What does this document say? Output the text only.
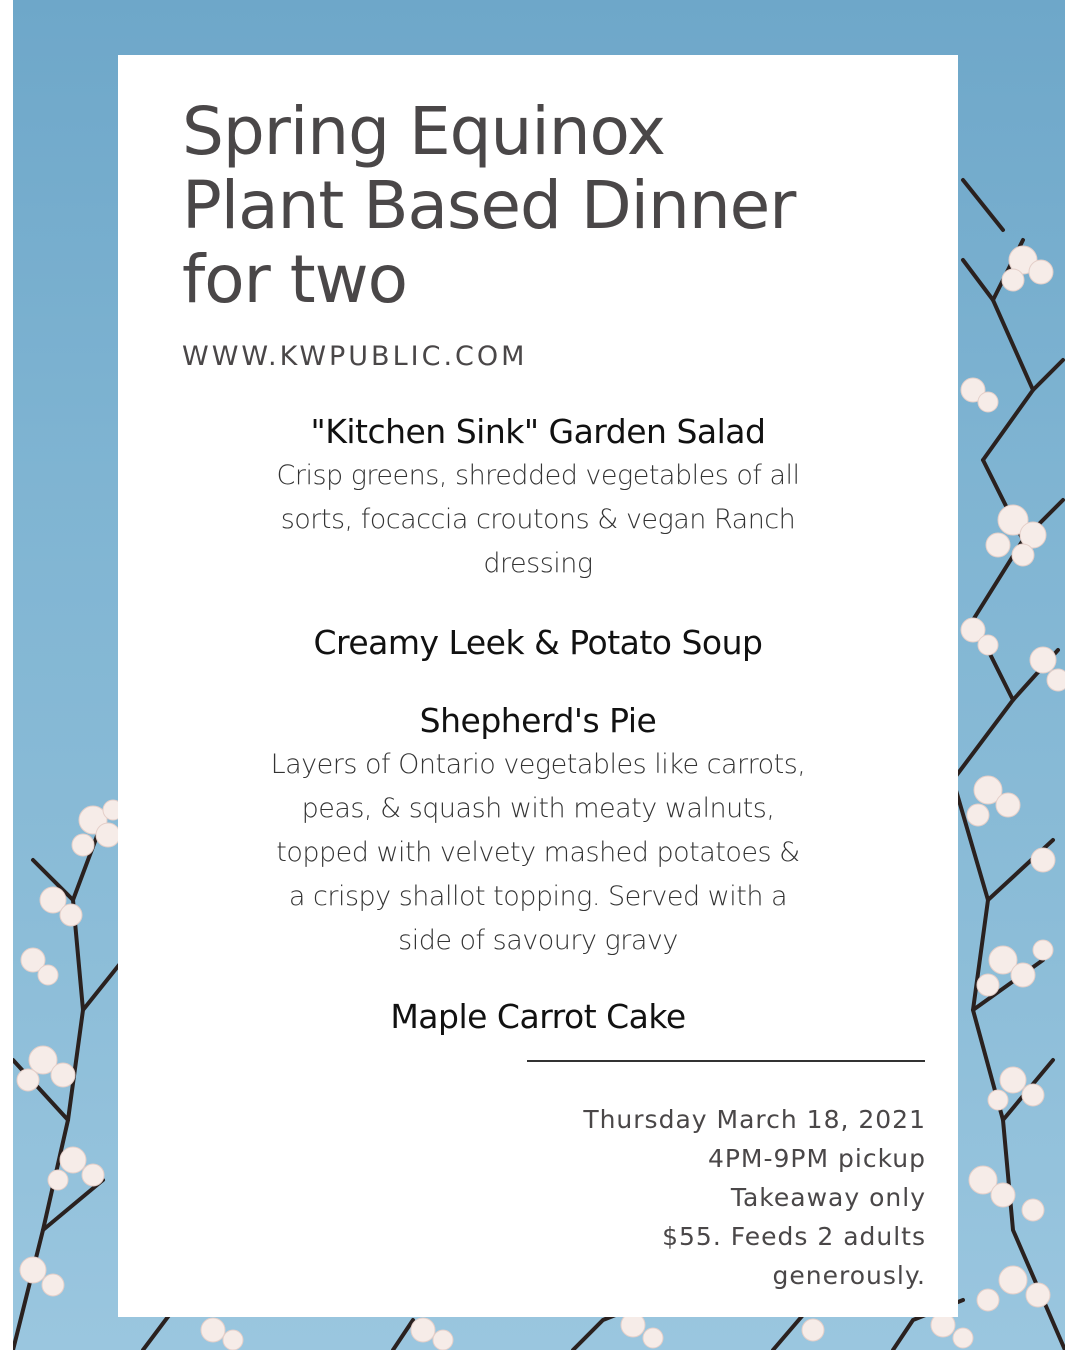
Spring Equinox
Plant Based Dinner
for two
WWW.KWPUBLIC.COM
"Kitchen Sink" Garden Salad
Crisp greens, shredded vegetables of all
sorts, focaccia croutons & vegan Ranch
dressing
Creamy Leek & Potato Soup
Shepherd's Pie
Layers of Ontario vegetables like carrots,
peas, & squash with meaty walnuts,
topped with velvety mashed potatoes &
a crispy shallot topping. Served with a
side of savoury gravy
Maple Carrot Cake
Thursday March 18, 2021
4PM-9PM pickup
Takeaway only
$55. Feeds 2 adults
generously.
